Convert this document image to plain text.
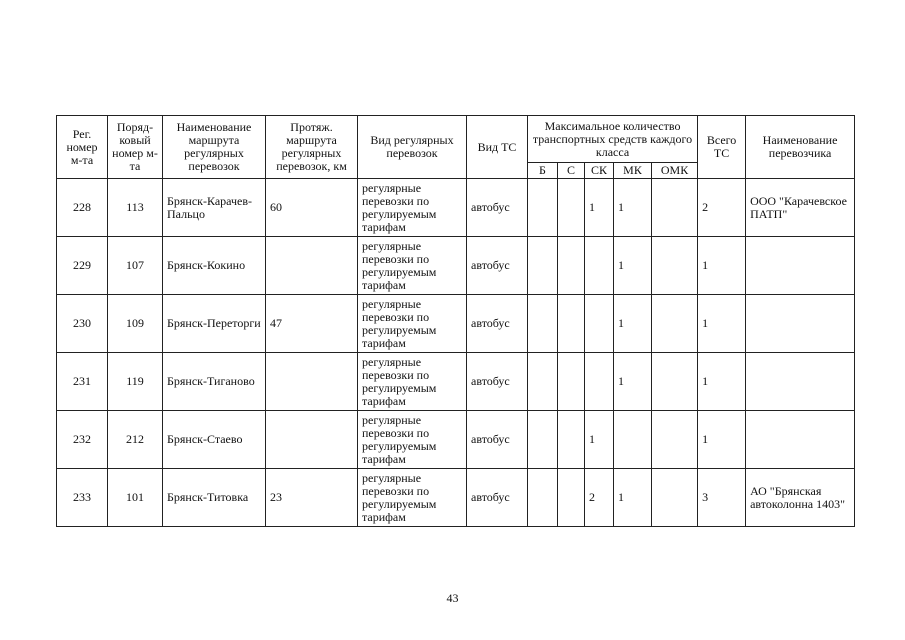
Рег. номер м-та	Поряд-ковый номер м-та	Наименование маршрута регулярных перевозок	Протяж. маршрута регулярных перевозок, км	Вид регулярных перевозок	Вид ТС	Максимальное количество транспортных средств каждого класса					Всего ТС	Наименование перевозчика
						Б	С	СК	МК	ОМК		
228	113	Брянск-Карачев-Пальцо	60	регулярные перевозки по регулируемым тарифам	автобус			1	1		2	ООО "Карачевское ПАТП"
229	107	Брянск-Кокино		регулярные перевозки по регулируемым тарифам	автобус				1		1	
230	109	Брянск-Переторги	47	регулярные перевозки по регулируемым тарифам	автобус				1		1	
231	119	Брянск-Тиганово		регулярные перевозки по регулируемым тарифам	автобус				1		1	
232	212	Брянск-Стаево		регулярные перевозки по регулируемым тарифам	автобус			1			1	
233	101	Брянск-Титовка	23	регулярные перевозки по регулируемым тарифам	автобус			2	1		3	АО "Брянская автоколонна 1403"
43
